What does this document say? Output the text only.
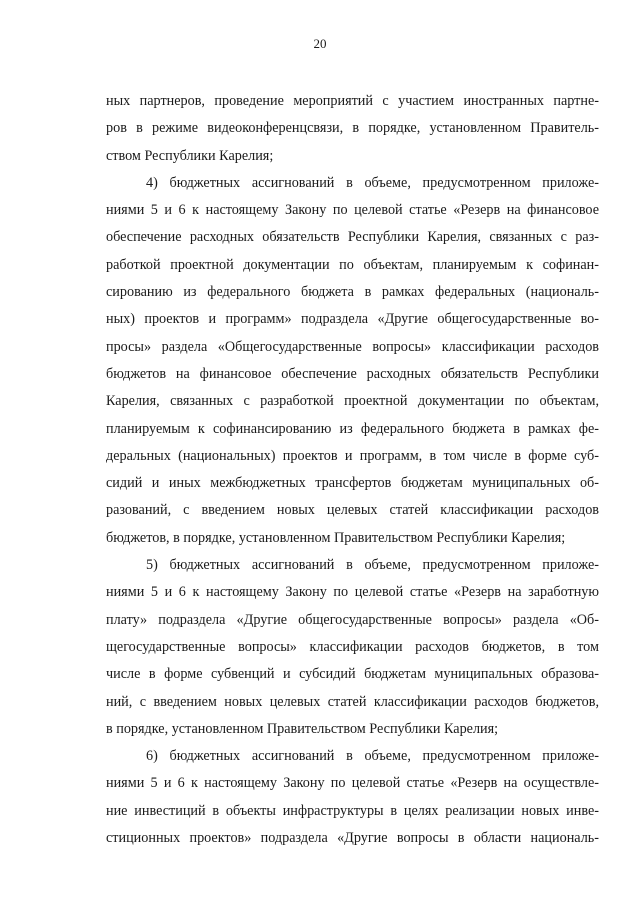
20
ных партнеров, проведение мероприятий с участием иностранных партне-
ров в режиме видеоконференцсвязи, в порядке, установленном Правитель-
ством Республики Карелия;
4) бюджетных ассигнований в объеме, предусмотренном приложе-
ниями 5 и 6 к настоящему Закону по целевой статье «Резерв на финансовое
обеспечение расходных обязательств Республики Карелия, связанных с раз-
работкой проектной документации по объектам, планируемым к софинан-
сированию из федерального бюджета в рамках федеральных (националь-
ных) проектов и программ» подраздела «Другие общегосударственные во-
просы» раздела «Общегосударственные вопросы» классификации расходов
бюджетов на финансовое обеспечение расходных обязательств Республики
Карелия, связанных с разработкой проектной документации по объектам,
планируемым к софинансированию из федерального бюджета в рамках фе-
деральных (национальных) проектов и программ, в том числе в форме суб-
сидий и иных межбюджетных трансфертов бюджетам муниципальных об-
разований, с введением новых целевых статей классификации расходов
бюджетов, в порядке, установленном Правительством Республики Карелия;
5) бюджетных ассигнований в объеме, предусмотренном приложе-
ниями 5 и 6 к настоящему Закону по целевой статье «Резерв на заработную
плату» подраздела «Другие общегосударственные вопросы» раздела «Об-
щегосударственные вопросы» классификации расходов бюджетов, в том
числе в форме субвенций и субсидий бюджетам муниципальных образова-
ний, с введением новых целевых статей классификации расходов бюджетов,
в порядке, установленном Правительством Республики Карелия;
6) бюджетных ассигнований в объеме, предусмотренном приложе-
ниями 5 и 6 к настоящему Закону по целевой статье «Резерв на осуществле-
ние инвестиций в объекты инфраструктуры в целях реализации новых инве-
стиционных проектов» подраздела «Другие вопросы в области националь-
